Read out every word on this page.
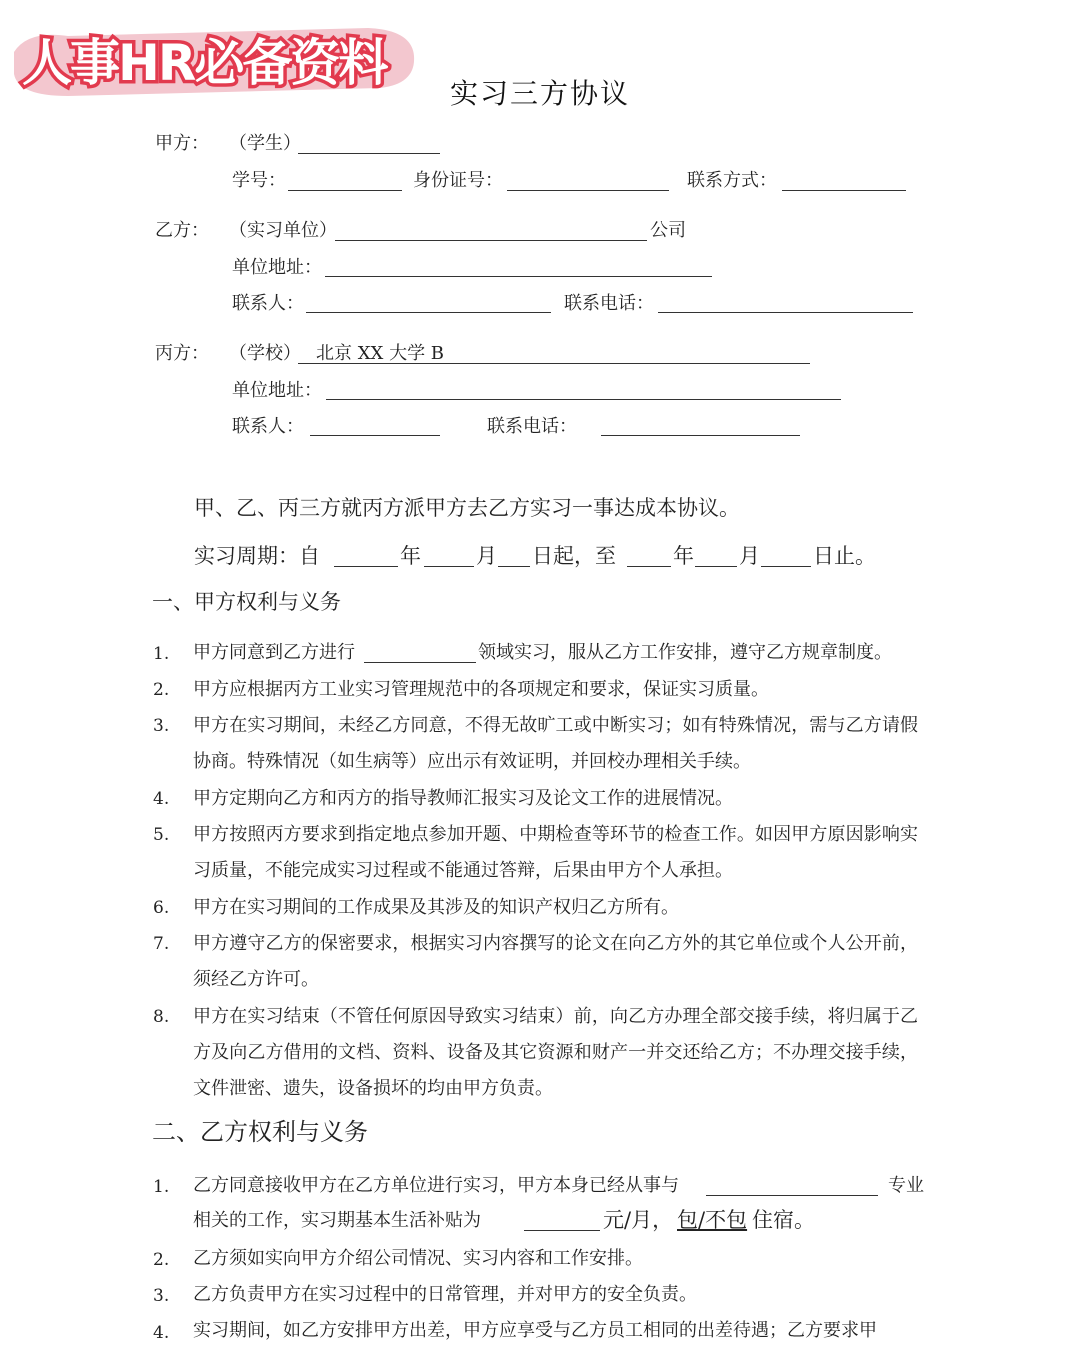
人事HR必备资料
实习三方协议
甲方： （学生）
学号：	身份证号：	联系方式：
乙方： （实习单位）	公司
单位地址：
联系人：	联系电话：
丙方： （学校） 北京 XX 大学 B
单位地址：
联系人：	联系电话：
甲、乙、丙三方就丙方派甲方去乙方实习一事达成本协议。
实习周期：自	年	月 日起，至	年 月	日止。
一、甲方权利与义务
1. 甲方同意到乙方进行	领域实习，服从乙方工作安排，遵守乙方规章制度。
2. 甲方应根据丙方工业实习管理规范中的各项规定和要求，保证实习质量。
3. 甲方在实习期间，未经乙方同意，不得无故旷工或中断实习；如有特殊情况，需与乙方请假协商。特殊情况（如生病等）应出示有效证明，并回校办理相关手续。
4. 甲方定期向乙方和丙方的指导教师汇报实习及论文工作的进展情况。
5. 甲方按照丙方要求到指定地点参加开题、中期检查等环节的检查工作。如因甲方原因影响实习质量，不能完成实习过程或不能通过答辩，后果由甲方个人承担。
6. 甲方在实习期间的工作成果及其涉及的知识产权归乙方所有。
7. 甲方遵守乙方的保密要求，根据实习内容撰写的论文在向乙方外的其它单位或个人公开前，须经乙方许可。
8. 甲方在实习结束（不管任何原因导致实习结束）前，向乙方办理全部交接手续，将归属于乙方及向乙方借用的文档、资料、设备及其它资源和财产一并交还给乙方；不办理交接手续，文件泄密、遗失，设备损坏的均由甲方负责。
二、乙方权利与义务
1. 乙方同意接收甲方在乙方单位进行实习，甲方本身已经从事与	专业
相关的工作，实习期基本生活补贴为	元/月， 包/不包 住宿。
2. 乙方须如实向甲方介绍公司情况、实习内容和工作安排。
3. 乙方负责甲方在实习过程中的日常管理，并对甲方的安全负责。
4. 实习期间，如乙方安排甲方出差，甲方应享受与乙方员工相同的出差待遇；乙方要求甲
